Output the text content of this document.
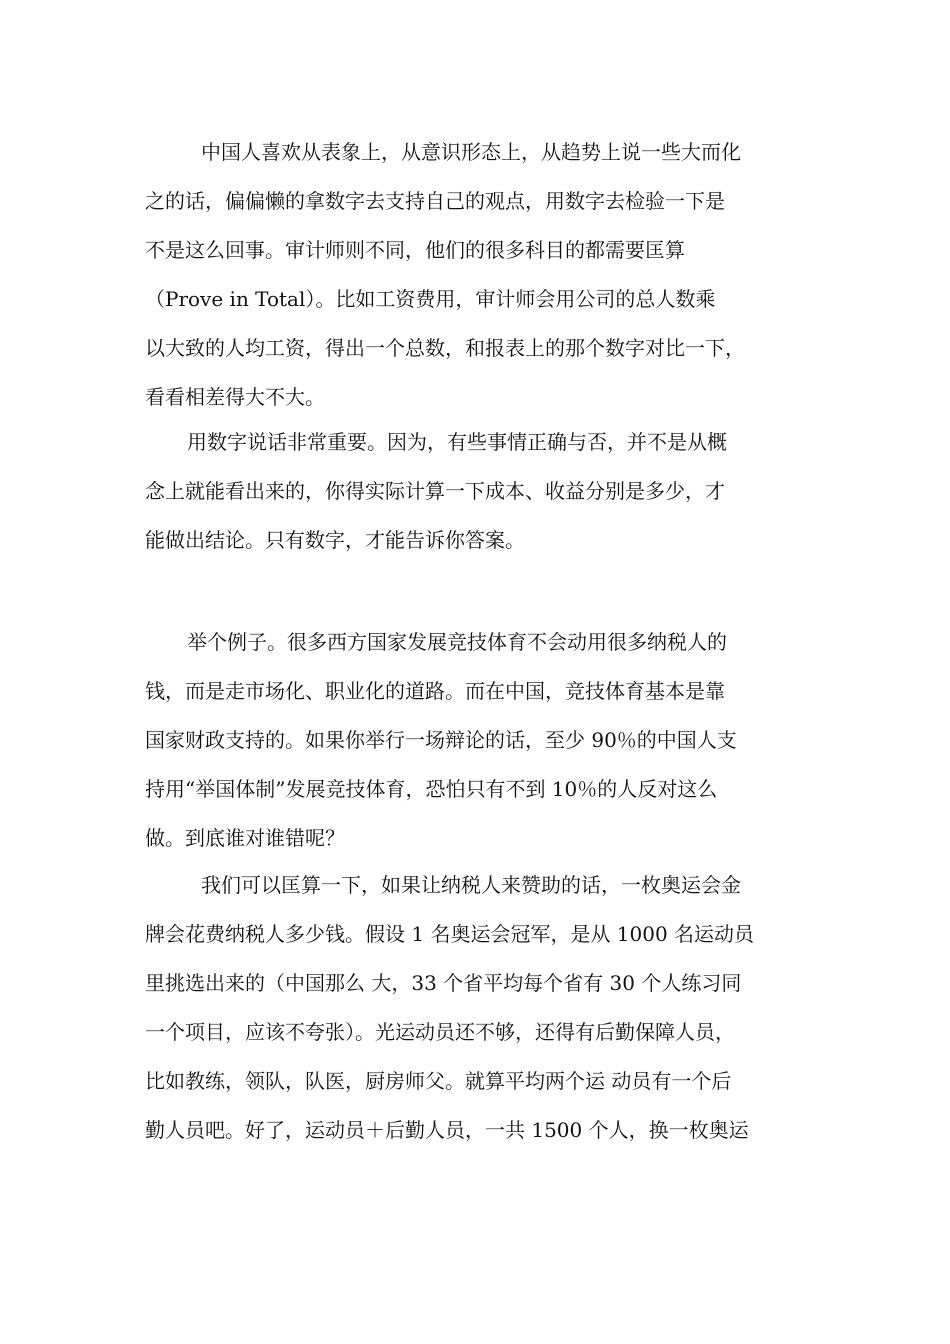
　中国人喜欢从表象上，从意识形态上，从趋势上说一些大而化
之的话，偏偏懒的拿数字去支持自己的观点，用数字去检验一下是
不是这么回事。审计师则不同，他们的很多科目的都需要匡算
（Prove in Total）。比如工资费用，审计师会用公司的总人数乘
以大致的人均工资，得出一个总数，和报表上的那个数字对比一下，
看看相差得大不大。
用数字说话非常重要。因为，有些事情正确与否，并不是从概
念上就能看出来的，你得实际计算一下成本、收益分别是多少，才
能做出结论。只有数字，才能告诉你答案。
举个例子。很多西方国家发展竞技体育不会动用很多纳税人的
钱，而是走市场化、职业化的道路。而在中国，竞技体育基本是靠
国家财政支持的。如果你举行一场辩论的话，至少 90％的中国人支
持用“举国体制”发展竞技体育，恐怕只有不到 10％的人反对这么
做。到底谁对谁错呢？
　我们可以匡算一下，如果让纳税人来赞助的话，一枚奥运会金
牌会花费纳税人多少钱。假设 1 名奥运会冠军，是从 1000 名运动员
里挑选出来的（中国那么 大，33 个省平均每个省有 30 个人练习同
一个项目，应该不夸张）。光运动员还不够，还得有后勤保障人员，
比如教练，领队，队医，厨房师父。就算平均两个运 动员有一个后
勤人员吧。好了，运动员＋后勤人员，一共 1500 个人，换一枚奥运
